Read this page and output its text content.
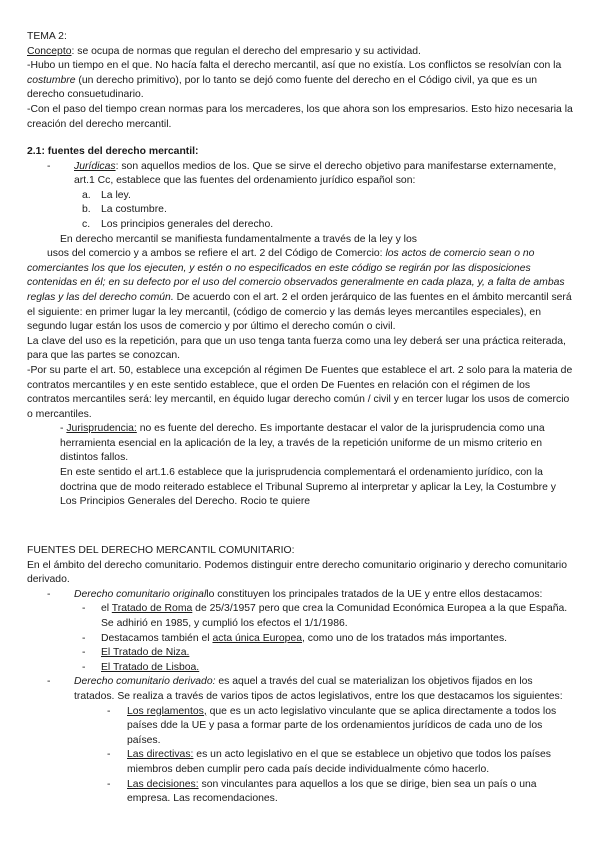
TEMA 2:

Concepto: se ocupa de normas que regulan el derecho del empresario y su actividad.

-Hubo un tiempo en el que. No hacía falta el derecho mercantil, así que no existía. Los conflictos se resolvían con la costumbre (un derecho primitivo), por lo tanto se dejó como fuente del derecho en el Código civil, ya que es un derecho consuetudinario.

-Con el paso del tiempo crean normas para los mercaderes, los que ahora son los empresarios. Esto hizo necesaria la creación del derecho mercantil.

2.1: fuentes del derecho mercantil:

- Jurídicas: son aquellos medios de los. Que se sirve el derecho objetivo para manifestarse externamente, art.1 Cc, establece que las fuentes del ordenamiento jurídico español son:

a. La ley.

b. La costumbre.

c. Los principios generales del derecho.

En derecho mercantil se manifiesta fundamentalmente a través de la ley y los

usos del comercio y a ambos se refiere el art. 2 del Código de Comercio: los actos de comercio sean o no comerciantes los que los ejecuten, y estén o no especificados en este código se regirán por las disposiciones contenidas en él; en su defecto por el uso del comercio observados generalmente en cada plaza, y, a falta de ambas reglas y las del derecho común. De acuerdo con el art. 2 el orden jerárquico de las fuentes en el ámbito mercantil será el siguiente: en primer lugar la ley mercantil, (código de comercio y las demás leyes mercantiles especiales), en segundo lugar están los usos de comercio y por último el derecho común o civil.

La clave del uso es la repetición, para que un uso tenga tanta fuerza como una ley deberá ser una práctica reiterada, para que las partes se conozcan.

-Por su parte el art. 50, establece una excepción al régimen De Fuentes que establece el art. 2 solo para la materia de contratos mercantiles y en este sentido establece, que el orden De Fuentes en relación con el régimen de los contratos mercantiles será: ley mercantil, en équido lugar derecho común / civil y en tercer lugar los usos de comercio o mercantiles.

- Jurisprudencia: no es fuente del derecho. Es importante destacar el valor de la jurisprudencia como una herramienta esencial en la aplicación de la ley, a través de la repetición uniforme de un mismo criterio en distintos fallos.

En este sentido el art.1.6 establece que la jurisprudencia complementará el ordenamiento jurídico, con la doctrina que de modo reiterado establece el Tribunal Supremo al interpretar y aplicar la Ley, la Costumbre y Los Principios Generales del Derecho. Rocio te quiere

FUENTES DEL DERECHO MERCANTIL COMUNITARIO:

En el ámbito del derecho comunitario. Podemos distinguir entre derecho comunitario originario y derecho comunitario derivado.

- Derecho comunitario originallo constituyen los principales tratados de la UE y entre ellos destacamos:

- el Tratado de Roma de 25/3/1957 pero que crea la Comunidad Económica Europea a la que España. Se adhirió en 1985, y cumplió los efectos el 1/1/1986.

- Destacamos también el acta única Europea, como uno de los tratados más importantes.

- El Tratado de Niza.

- El Tratado de Lisboa.

- Derecho comunitario derivado: es aquel a través del cual se materializan los objetivos fijados en los tratados. Se realiza a través de varios tipos de actos legislativos, entre los que destacamos los siguientes:

- Los reglamentos, que es un acto legislativo vinculante que se aplica directamente a todos los países dde la UE y pasa a formar parte de los ordenamientos jurídicos de cada uno de los países.

- Las directivas: es un acto legislativo en el que se establece un objetivo que todos los países miembros deben cumplir pero cada país decide individualmente cómo hacerlo.

- Las decisiones: son vinculantes para aquellos a los que se dirige, bien sea un país o una empresa. Las recomendaciones.
